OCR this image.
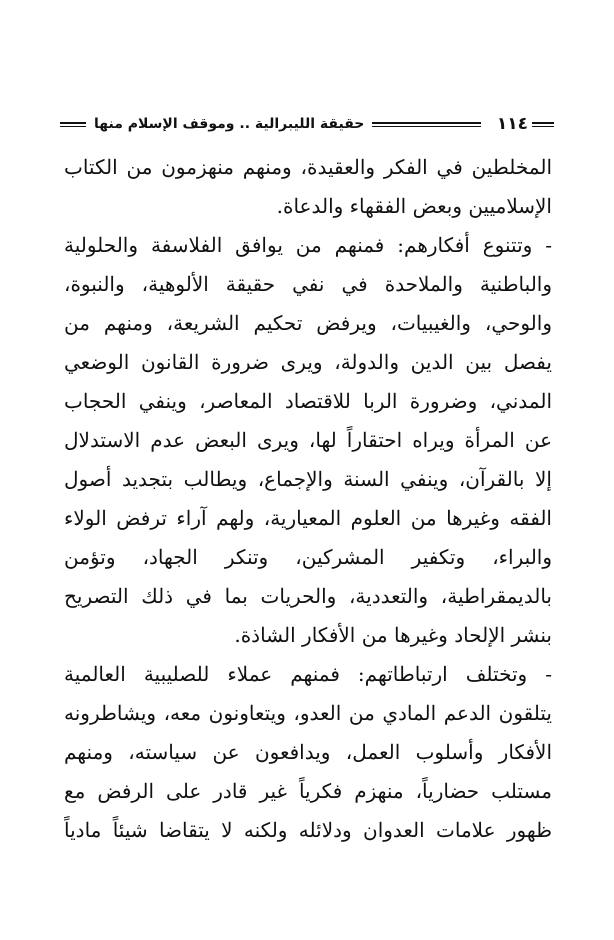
١١٤
حقيقة الليبرالية .. وموقف الإسلام منها
المخلطين في الفكر والعقيدة، ومنهم منهزمون من الكتاب
الإسلاميين وبعض الفقهاء والدعاة.
- وتتنوع أفكارهم: فمنهم من يوافق الفلاسفة والحلولية
والباطنية والملاحدة في نفي حقيقة الألوهية، والنبوة،
والوحي، والغيبيات، ويرفض تحكيم الشريعة، ومنهم من
يفصل بين الدين والدولة، ويرى ضرورة القانون الوضعي
المدني، وضرورة الربا للاقتصاد المعاصر، وينفي الحجاب
عن المرأة ويراه احتقاراً لها، ويرى البعض عدم الاستدلال
إلا بالقرآن، وينفي السنة والإجماع، ويطالب بتجديد أصول
الفقه وغيرها من العلوم المعيارية، ولهم آراء ترفض الولاء
والبراء، وتكفير المشركين، وتنكر الجهاد، وتؤمن
بالديمقراطية، والتعددية، والحريات بما في ذلك التصريح
بنشر الإلحاد وغيرها من الأفكار الشاذة.
- وتختلف ارتباطاتهم: فمنهم عملاء للصليبية العالمية
يتلقون الدعم المادي من العدو، ويتعاونون معه، ويشاطرونه
الأفكار وأسلوب العمل، ويدافعون عن سياسته، ومنهم
مستلب حضارياً، منهزم فكرياً غير قادر على الرفض مع
ظهور علامات العدوان ودلائله ولكنه لا يتقاضا شيئاً مادياً
